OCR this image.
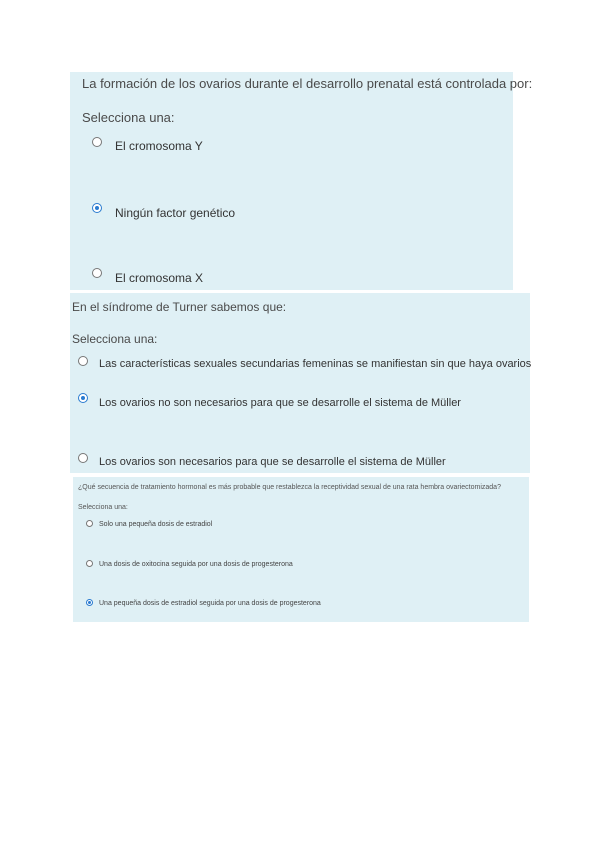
La formación de los ovarios durante el desarrollo prenatal está controlada por:
Selecciona una:
El cromosoma Y
Ningún factor genético
El cromosoma X
En el síndrome de Turner sabemos que:
Selecciona una:
Las características sexuales secundarias femeninas se manifiestan sin que haya ovarios
Los ovarios no son necesarios para que se desarrolle el sistema de Müller
Los ovarios son necesarios para que se desarrolle el sistema de Müller
¿Qué secuencia de tratamiento hormonal es más probable que restablezca la receptividad sexual de una rata hembra ovariectomizada?
Selecciona una:
Solo una pequeña dosis de estradiol
Una dosis de oxitocina seguida por una dosis de progesterona
Una pequeña dosis de estradiol seguida por una dosis de progesterona
